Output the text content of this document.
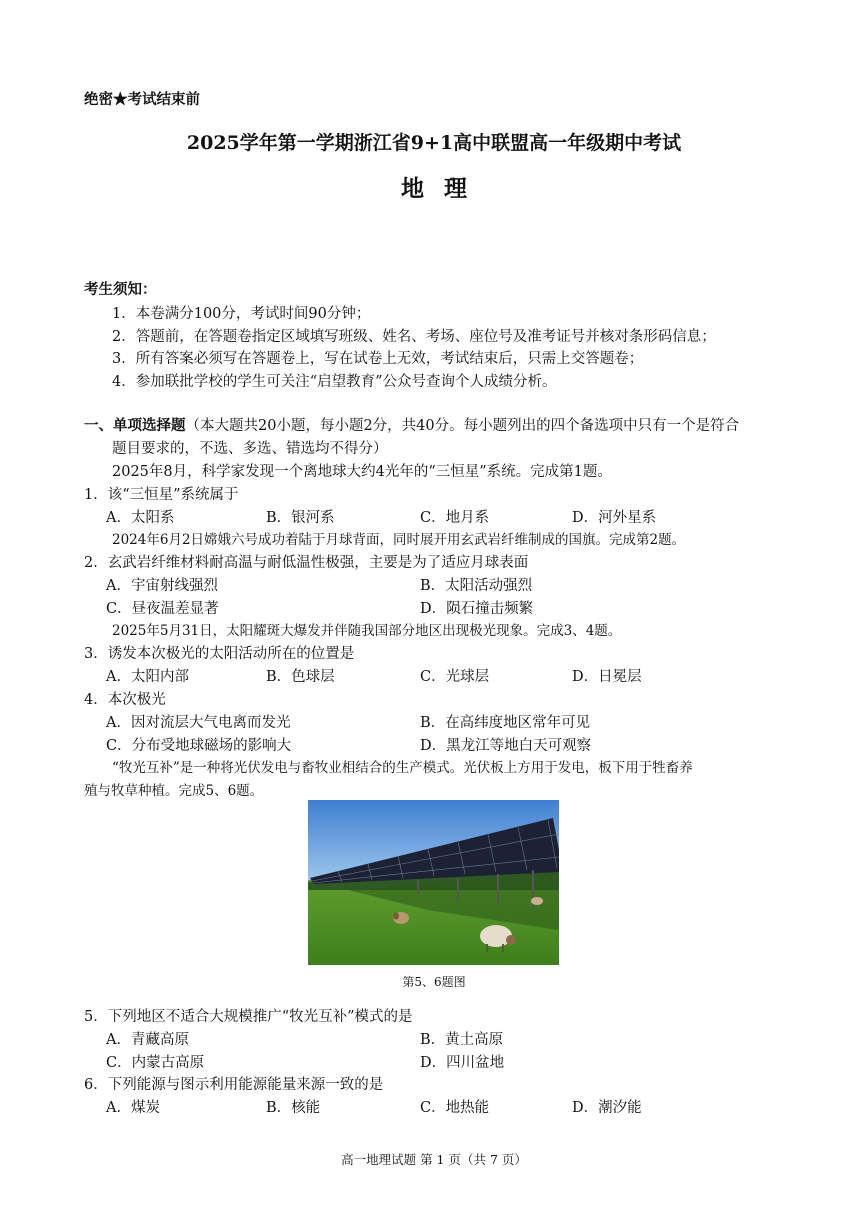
绝密★考试结束前
2025学年第一学期浙江省9+1高中联盟高一年级期中考试
地理
考生须知：
1．本卷满分100分，考试时间90分钟；
2．答题前，在答题卷指定区域填写班级、姓名、考场、座位号及准考证号并核对条形码信息；
3．所有答案必须写在答题卷上，写在试卷上无效，考试结束后，只需上交答题卷；
4．参加联批学校的学生可关注“启望教育”公众号查询个人成绩分析。
一、单项选择题（本大题共20小题，每小题2分，共40分。每小题列出的四个备选项中只有一个是符合
题目要求的，不选、多选、错选均不得分）
2025年8月，科学家发现一个离地球大约4光年的“三恒星”系统。完成第1题。
1．该“三恒星”系统属于
A．太阳系	B．银河系	C．地月系	D．河外星系
2024年6月2日嫦娥六号成功着陆于月球背面，同时展开用玄武岩纤维制成的国旗。完成第2题。
2．玄武岩纤维材料耐高温与耐低温性极强，主要是为了适应月球表面
A．宇宙射线强烈	B．太阳活动强烈
C．昼夜温差显著	D．陨石撞击频繁
2025年5月31日，太阳耀斑大爆发并伴随我国部分地区出现极光现象。完成3、4题。
3．诱发本次极光的太阳活动所在的位置是
A．太阳内部	B．色球层	C．光球层	D．日冕层
4．本次极光
A．因对流层大气电离而发光	B．在高纬度地区常年可见
C．分布受地球磁场的影响大	D．黑龙江等地白天可观察
“牧光互补”是一种将光伏发电与畜牧业相结合的生产模式。光伏板上方用于发电，板下用于牲畜养
殖与牧草种植。完成5、6题。
第5、6题图
5．下列地区不适合大规模推广“牧光互补”模式的是
A．青藏高原	B．黄土高原
C．内蒙古高原	D．四川盆地
6．下列能源与图示利用能源能量来源一致的是
A．煤炭	B．核能	C．地热能	D．潮汐能
高一地理试题 第 1 页（共 7 页）
